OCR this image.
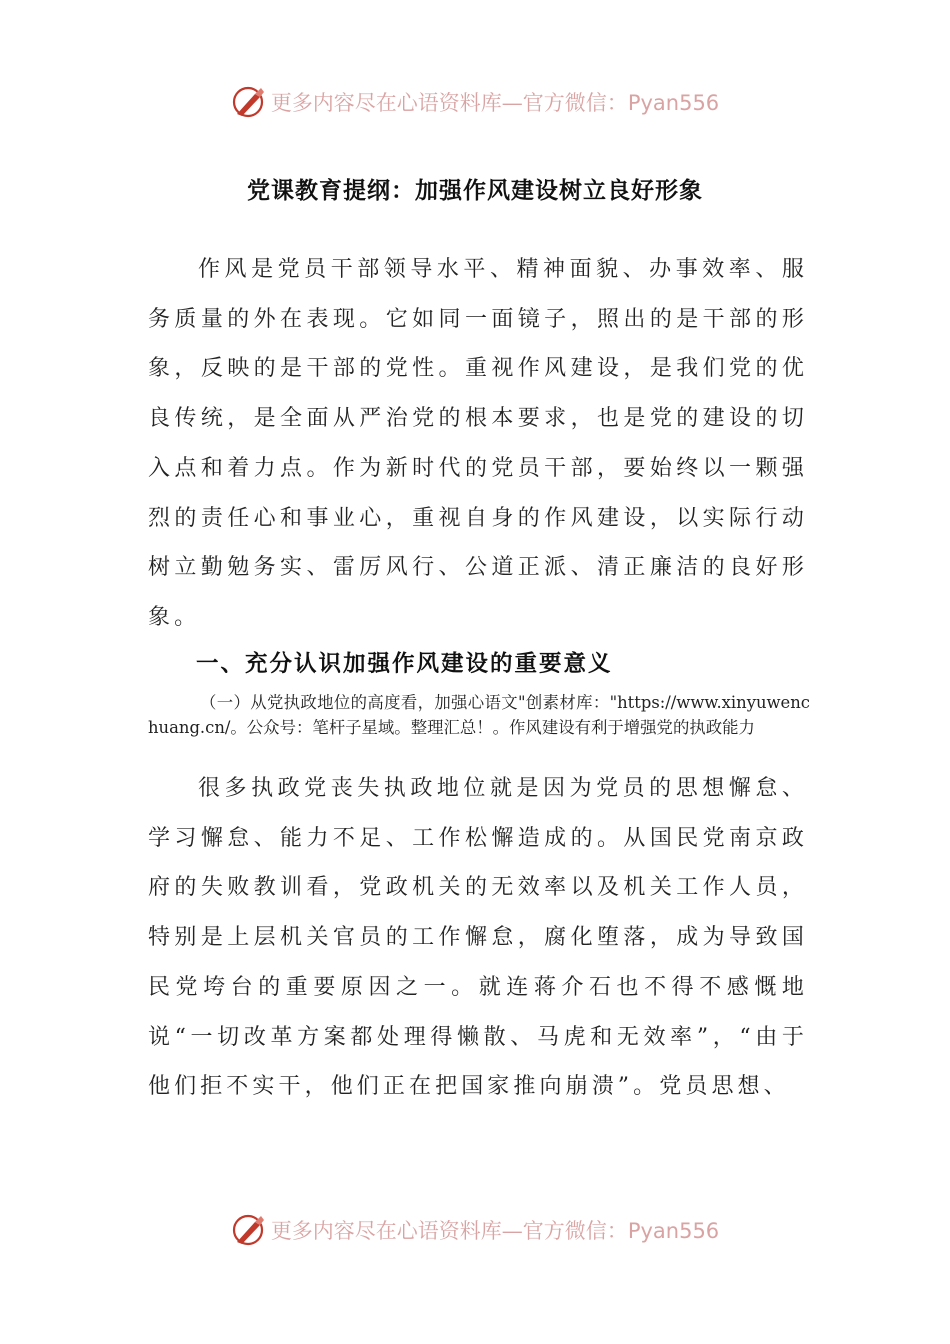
更多内容尽在心语资料库—官方微信：Pyan556
党课教育提纲：加强作风建设树立良好形象

作风是党员干部领导水平、精神面貌、办事效率、服务质量的外在表现。它如同一面镜子，照出的是干部的形象，反映的是干部的党性。重视作风建设，是我们党的优良传统，是全面从严治党的根本要求，也是党的建设的切入点和着力点。作为新时代的党员干部，要始终以一颗强烈的责任心和事业心，重视自身的作风建设，以实际行动树立勤勉务实、雷厉风行、公道正派、清正廉洁的良好形象。

一、充分认识加强作风建设的重要意义

（一）从党执政地位的高度看，加强心语文"创素材库："https://www.xinyuwenchuang.cn/。公众号：笔杆子星域。整理汇总！。作风建设有利于增强党的执政能力

很多执政党丧失执政地位就是因为党员的思想懈怠、学习懈怠、能力不足、工作松懈造成的。从国民党南京政府的失败教训看，党政机关的无效率以及机关工作人员，特别是上层机关官员的工作懈怠，腐化堕落，成为导致国民党垮台的重要原因之一。就连蒋介石也不得不感慨地说“一切改革方案都处理得懒散、马虎和无效率”，“由于他们拒不实干，他们正在把国家推向崩溃”。党员思想、

更多内容尽在心语资料库—官方微信：Pyan556
